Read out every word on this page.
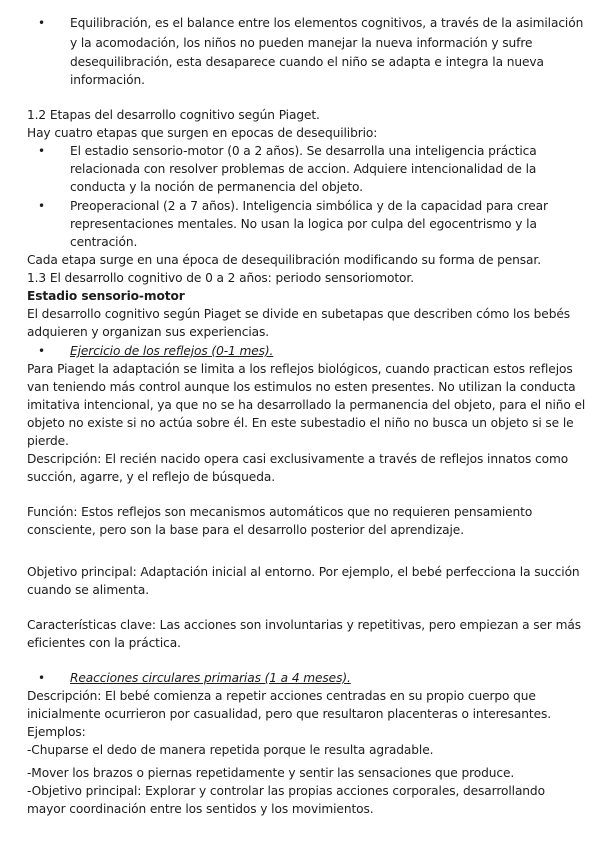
• Equilibración, es el balance entre los elementos cognitivos, a través de la asimilación
y la acomodación, los niños no pueden manejar la nueva información y sufre
desequilibración, esta desaparece cuando el niño se adapta e integra la nueva
información.
1.2 Etapas del desarrollo cognitivo según Piaget.
Hay cuatro etapas que surgen en epocas de desequilibrio:
• El estadio sensorio-motor (0 a 2 años). Se desarrolla una inteligencia práctica
relacionada con resolver problemas de accion. Adquiere intencionalidad de la
conducta y la noción de permanencia del objeto.
• Preoperacional (2 a 7 años). Inteligencia simbólica y de la capacidad para crear
representaciones mentales. No usan la logica por culpa del egocentrismo y la
centración.
Cada etapa surge en una época de desequilibración modificando su forma de pensar.
1.3 El desarrollo cognitivo de 0 a 2 años: periodo sensoriomotor.
Estadio sensorio-motor
El desarrollo cognitivo según Piaget se divide en subetapas que describen cómo los bebés
adquieren y organizan sus experiencias.
• Ejercicio de los reflejos (0-1 mes).
Para Piaget la adaptación se limita a los reflejos biológicos, cuando practican estos reflejos
van teniendo más control aunque los estimulos no esten presentes. No utilizan la conducta
imitativa intencional, ya que no se ha desarrollado la permanencia del objeto, para el niño el
objeto no existe si no actúa sobre él. En este subestadio el niño no busca un objeto si se le
pierde.
Descripción: El recién nacido opera casi exclusivamente a través de reflejos innatos como
succión, agarre, y el reflejo de búsqueda.
Función: Estos reflejos son mecanismos automáticos que no requieren pensamiento
consciente, pero son la base para el desarrollo posterior del aprendizaje.
Objetivo principal: Adaptación inicial al entorno. Por ejemplo, el bebé perfecciona la succión
cuando se alimenta.
Características clave: Las acciones son involuntarias y repetitivas, pero empiezan a ser más
eficientes con la práctica.
• Reacciones circulares primarias (1 a 4 meses).
Descripción: El bebé comienza a repetir acciones centradas en su propio cuerpo que
inicialmente ocurrieron por casualidad, pero que resultaron placenteras o interesantes.
Ejemplos:
-Chuparse el dedo de manera repetida porque le resulta agradable.
-Mover los brazos o piernas repetidamente y sentir las sensaciones que produce.
-Objetivo principal: Explorar y controlar las propias acciones corporales, desarrollando
mayor coordinación entre los sentidos y los movimientos.
